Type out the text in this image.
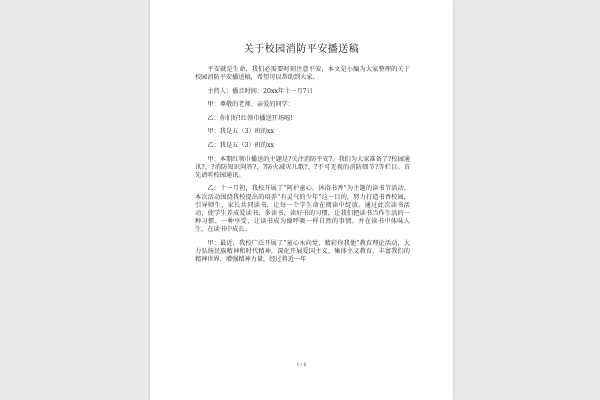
关于校园消防平安播送稿

平安就是生命，我们必需要时刻注意平安，本文是小编为大家整理的关于校园消防平安播送稿，希望可以帮助到大家。

主持人：播音时间：20xx年十一月7日

甲：尊敬的老师、亲爱的同学：

乙：你们好!红领巾播送开场啦!

甲：我是五（3）班的xx

乙：我是五（3）班的xx

甲：本期红领巾播送的主题是?关注消防平安?。我们为大家准备了?校园通讯?、?消防知识问答?、?防火减灾儿歌?、?不可无视的消防细节?等栏目。首先请听校园通讯。

乙：十一月初，我校开展了“阿护童心、沐浴书香”为主题的读书节活动。本次活动围绕我校提出的培养“有灵气的少年”这一目的，努力打造书香校园，引导师生、家长共同读书，让每一个学生命在阅读中绽放。通过此次读书活动，使学生养成爱读书、多读书、读好书的习惯，让我们把读书当作生活的一种习惯、一种享受，让读书成为像呼吸一样自然的事情。并在读书中体味人生，在读书中成长。

甲：最近，我校广泛开展了“童心永向党，精彩你我他”教育理论活动，大力弘扬民族精神和时代精神，深化开展爱国主义、集体主义教育，丰富我们的精神世界，增强精神力量，经过将近一年

1 / 6
